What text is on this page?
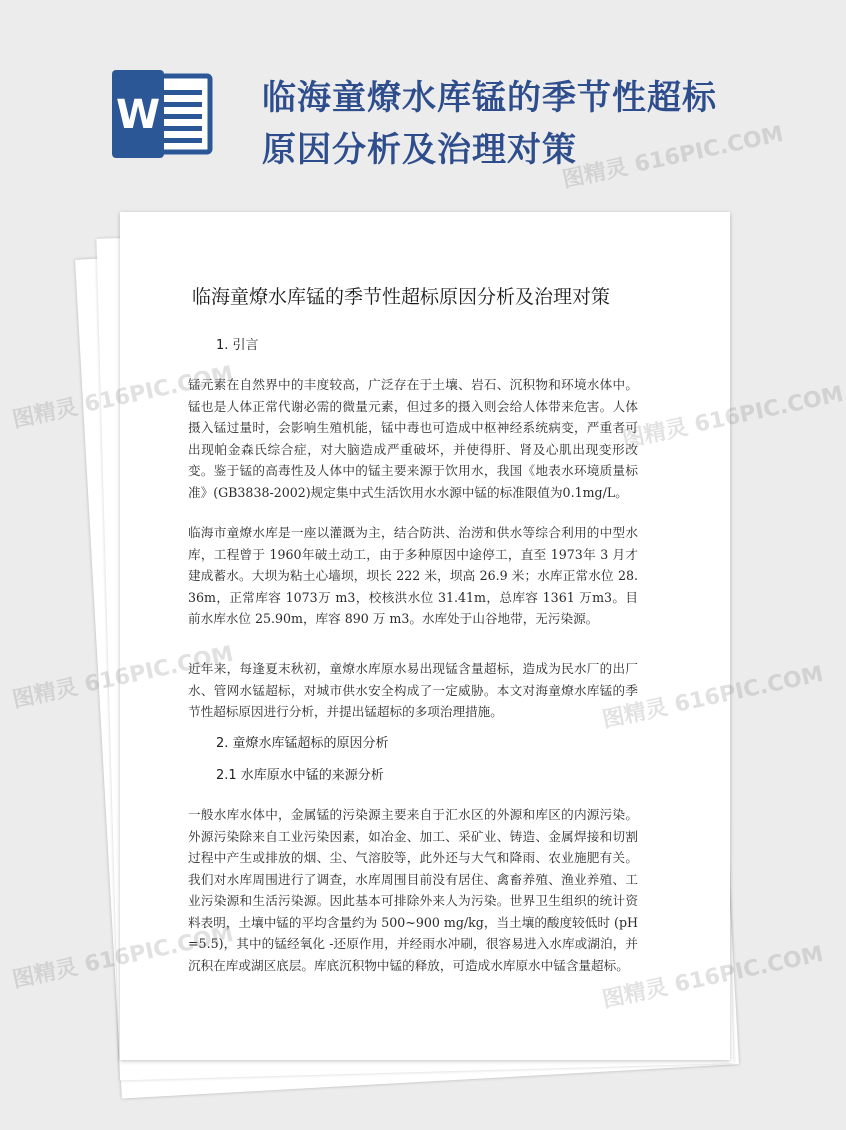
W	临海童燎水库锰的季节性超标
原因分析及治理对策
临海童燎水库锰的季节性超标原因分析及治理对策
1. 引言
锰元素在自然界中的丰度较高，广泛存在于土壤、岩石、沉积物和环境水体中。锰也是人体正常代谢必需的微量元素，但过多的摄入则会给人体带来危害。人体摄入锰过量时，会影响生殖机能，锰中毒也可造成中枢神经系统病变，严重者可出现帕金森氏综合症，对大脑造成严重破坏，并使得肝、肾及心肌出现变形改变。鉴于锰的高毒性及人体中的锰主要来源于饮用水，我国《地表水环境质量标准》(GB3838-2002)规定集中式生活饮用水水源中锰的标准限值为0.1mg/L。
临海市童燎水库是一座以灌溉为主，结合防洪、治涝和供水等综合利用的中型水库，工程曾于 1960年破土动工，由于多种原因中途停工，直至 1973年 3 月才建成蓄水。大坝为粘土心墙坝，坝长 222 米，坝高 26.9 米；水库正常水位 28.36m，正常库容 1073万 m3，校核洪水位 31.41m，总库容 1361 万m3。目前水库水位 25.90m，库容 890 万 m3。水库处于山谷地带，无污染源。
近年来，每逢夏末秋初，童燎水库原水易出现锰含量超标，造成为民水厂的出厂水、管网水锰超标，对城市供水安全构成了一定威胁。本文对海童燎水库锰的季节性超标原因进行分析，并提出锰超标的多项治理措施。
2. 童燎水库锰超标的原因分析
2.1 水库原水中锰的来源分析
一般水库水体中，金属锰的污染源主要来自于汇水区的外源和库区的内源污染。外源污染除来自工业污染因素，如冶金、加工、采矿业、铸造、金属焊接和切割过程中产生或排放的烟、尘、气溶胶等，此外还与大气和降雨、农业施肥有关。我们对水库周围进行了调查，水库周围目前没有居住、禽畜养殖、渔业养殖、工业污染源和生活污染源。因此基本可排除外来人为污染。世界卫生组织的统计资料表明，土壤中锰的平均含量约为 500~900 mg/kg，当土壤的酸度较低时 (pH=5.5)，其中的锰经氧化 -还原作用，并经雨水冲刷，很容易进入水库或湖泊，并沉积在库或湖区底层。库底沉积物中锰的释放，可造成水库原水中锰含量超标。
图精灵 616PIC.COM
图精灵 616PIC.COM	图精灵 616PIC.COM
图精灵 616PIC.COM	图精灵 616PIC.COM
图精灵 616PIC.COM	图精灵 616PIC.COM
